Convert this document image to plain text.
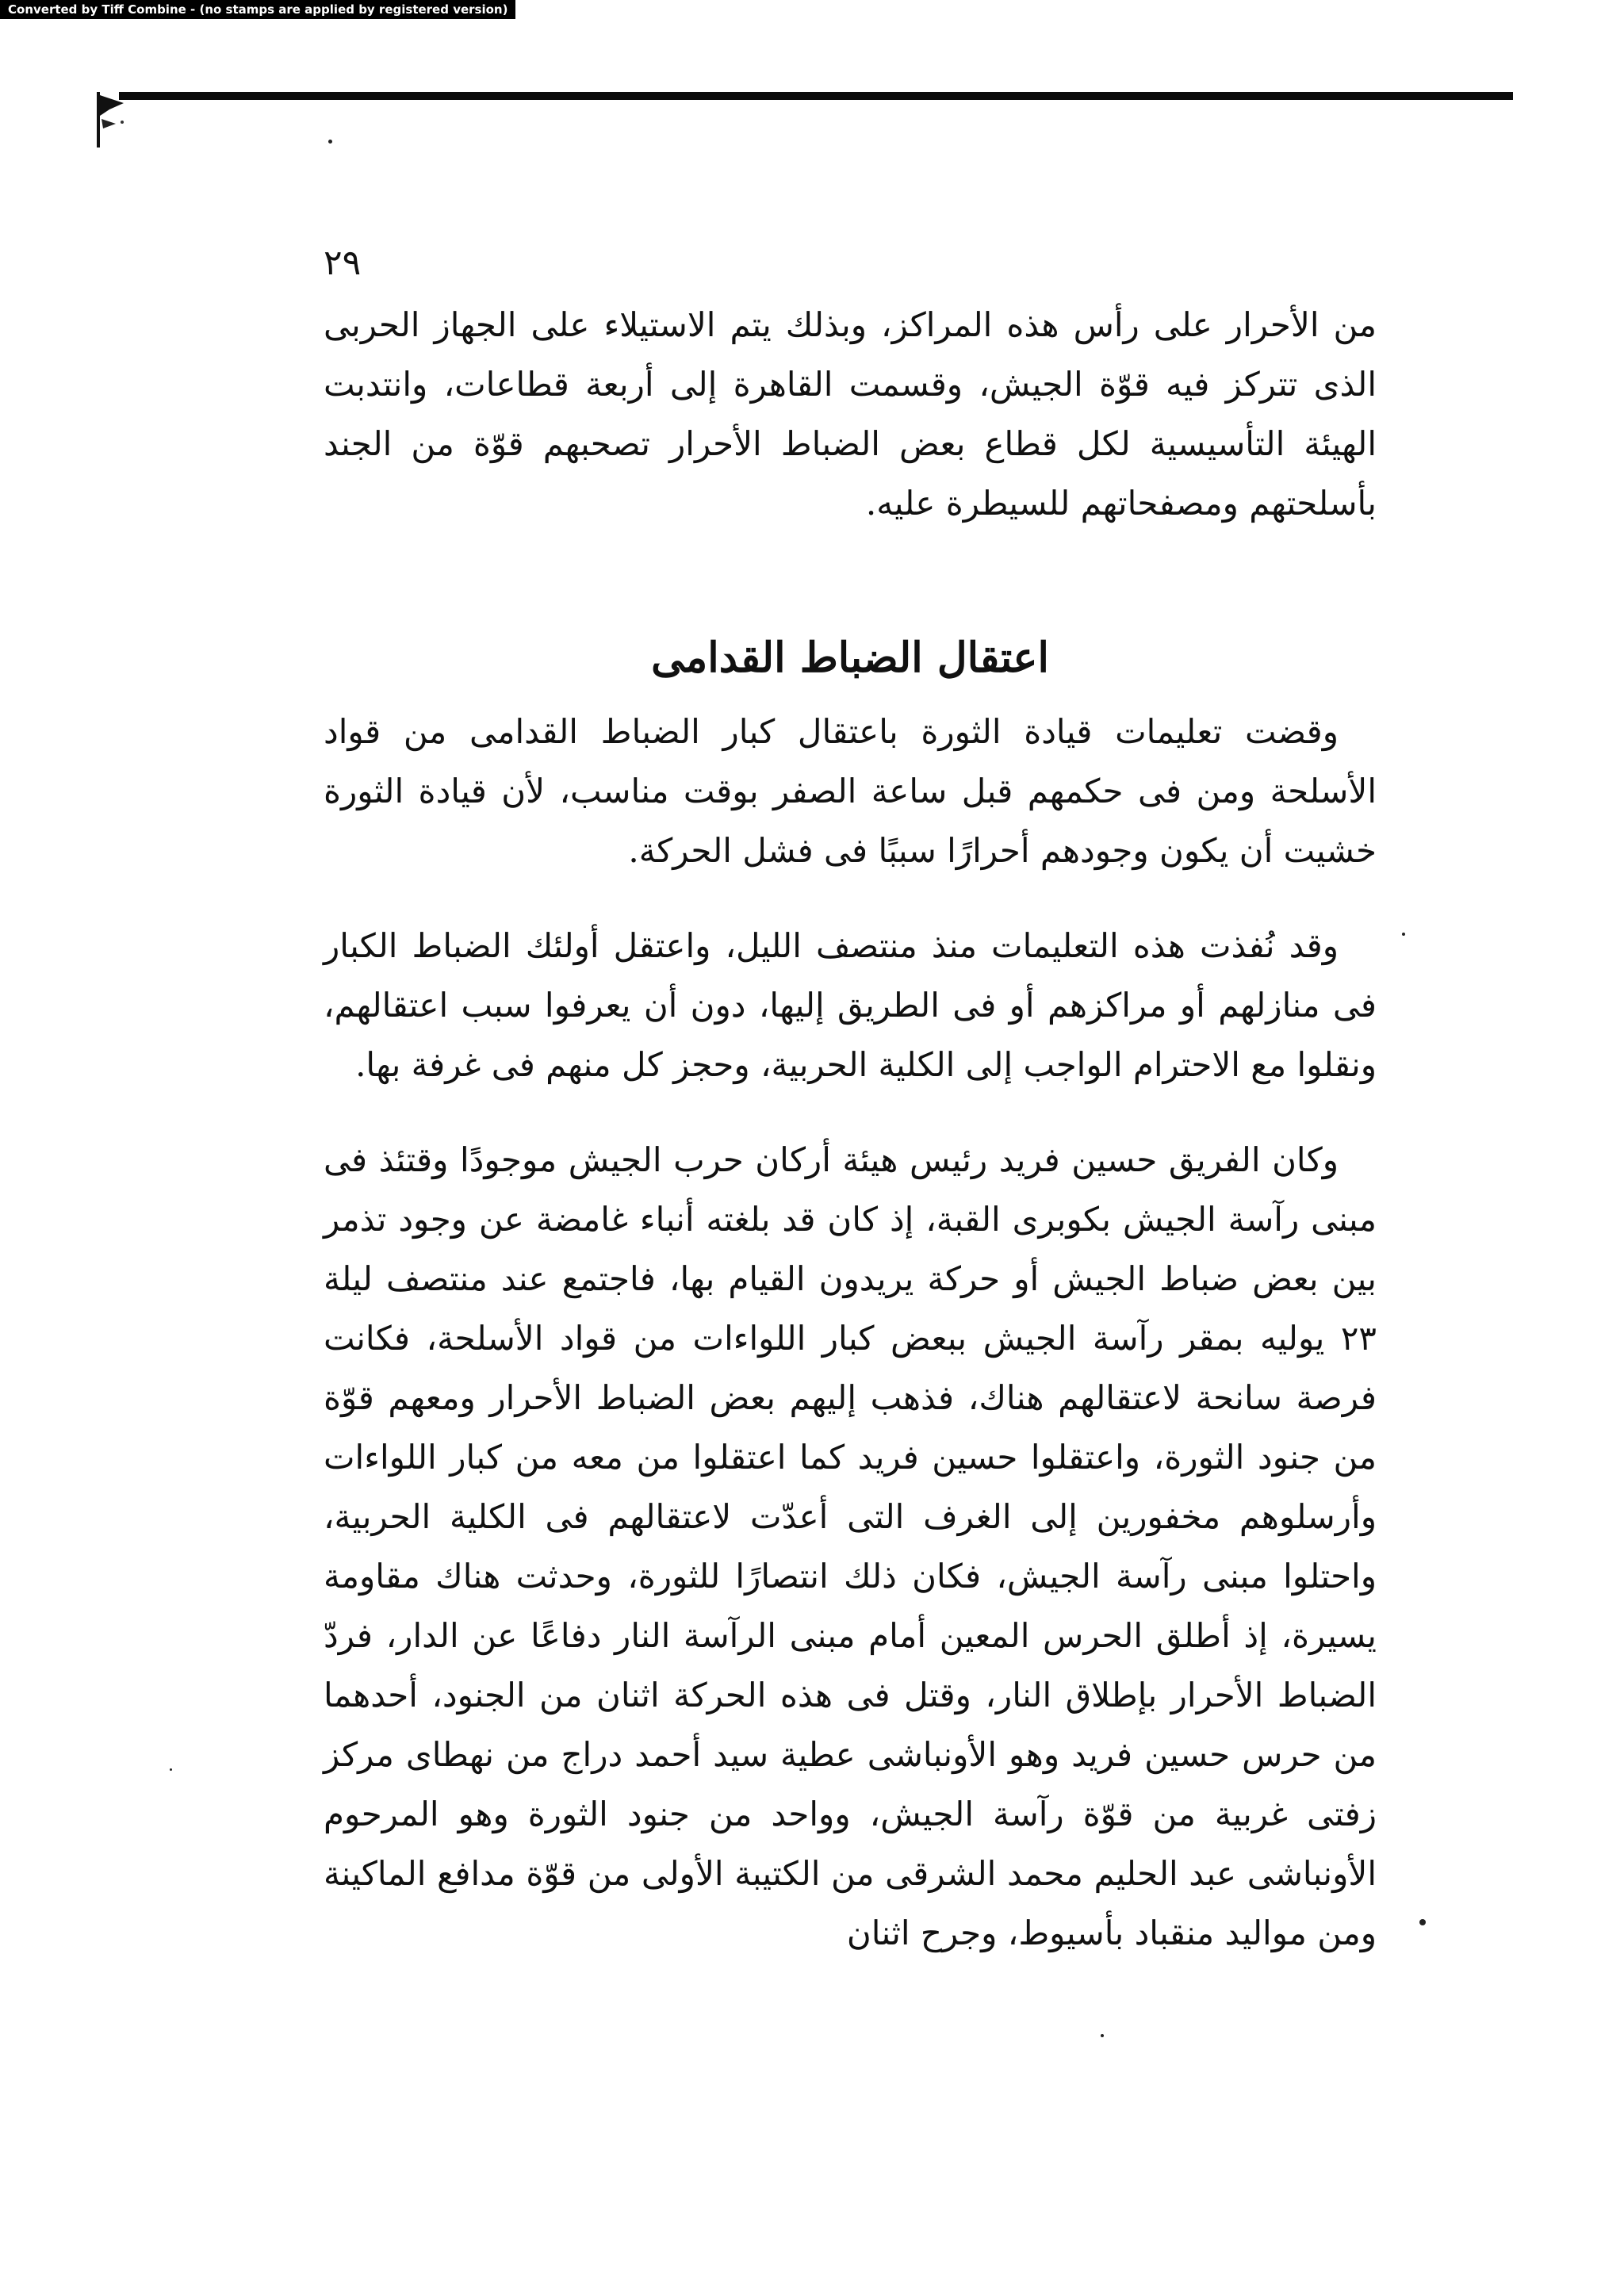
Converted by Tiff Combine - (no stamps are applied by registered version)
٢٩

من الأحرار على رأس هذه المراكز، وبذلك يتم الاستيلاء على الجهاز الحربى الذى تتركز فيه قوّة الجيش، وقسمت القاهرة إلى أربعة قطاعات، وانتدبت الهيئة التأسيسية لكل قطاع بعض الضباط الأحرار تصحبهم قوّة من الجند بأسلحتهم ومصفحاتهم للسيطرة عليه.

اعتقال الضباط القدامى

وقضت تعليمات قيادة الثورة باعتقال كبار الضباط القدامى من قواد الأسلحة ومن فى حكمهم قبل ساعة الصفر بوقت مناسب، لأن قيادة الثورة خشيت أن يكون وجودهم أحرارًا سببًا فى فشل الحركة.

وقد نُفذت هذه التعليمات منذ منتصف الليل، واعتقل أولئك الضباط الكبار فى منازلهم أو مراكزهم أو فى الطريق إليها، دون أن يعرفوا سبب اعتقالهم، ونقلوا مع الاحترام الواجب إلى الكلية الحربية، وحجز كل منهم فى غرفة بها.

وكان الفريق حسين فريد رئيس هيئة أركان حرب الجيش موجودًا وقتئذ فى مبنى رآسة الجيش بكوبرى القبة، إذ كان قد بلغته أنباء غامضة عن وجود تذمر بين بعض ضباط الجيش أو حركة يريدون القيام بها، فاجتمع عند منتصف ليلة ٢٣ يوليه بمقر رآسة الجيش ببعض كبار اللواءات من قواد الأسلحة، فكانت فرصة سانحة لاعتقالهم هناك، فذهب إليهم بعض الضباط الأحرار ومعهم قوّة من جنود الثورة، واعتقلوا حسين فريد كما اعتقلوا من معه من كبار اللواءات وأرسلوهم مخفورين إلى الغرف التى أعدّت لاعتقالهم فى الكلية الحربية، واحتلوا مبنى رآسة الجيش، فكان ذلك انتصارًا للثورة، وحدثت هناك مقاومة يسيرة، إذ أطلق الحرس المعين أمام مبنى الرآسة النار دفاعًا عن الدار، فردّ الضباط الأحرار بإطلاق النار، وقتل فى هذه الحركة اثنان من الجنود، أحدهما من حرس حسين فريد وهو الأونباشى عطية سيد أحمد دراج من نهطاى مركز زفتى غربية من قوّة رآسة الجيش، وواحد من جنود الثورة وهو المرحوم الأونباشى عبد الحليم محمد الشرقى من الكتيبة الأولى من قوّة مدافع الماكينة ومن مواليد منقباد بأسيوط، وجرح اثنان
